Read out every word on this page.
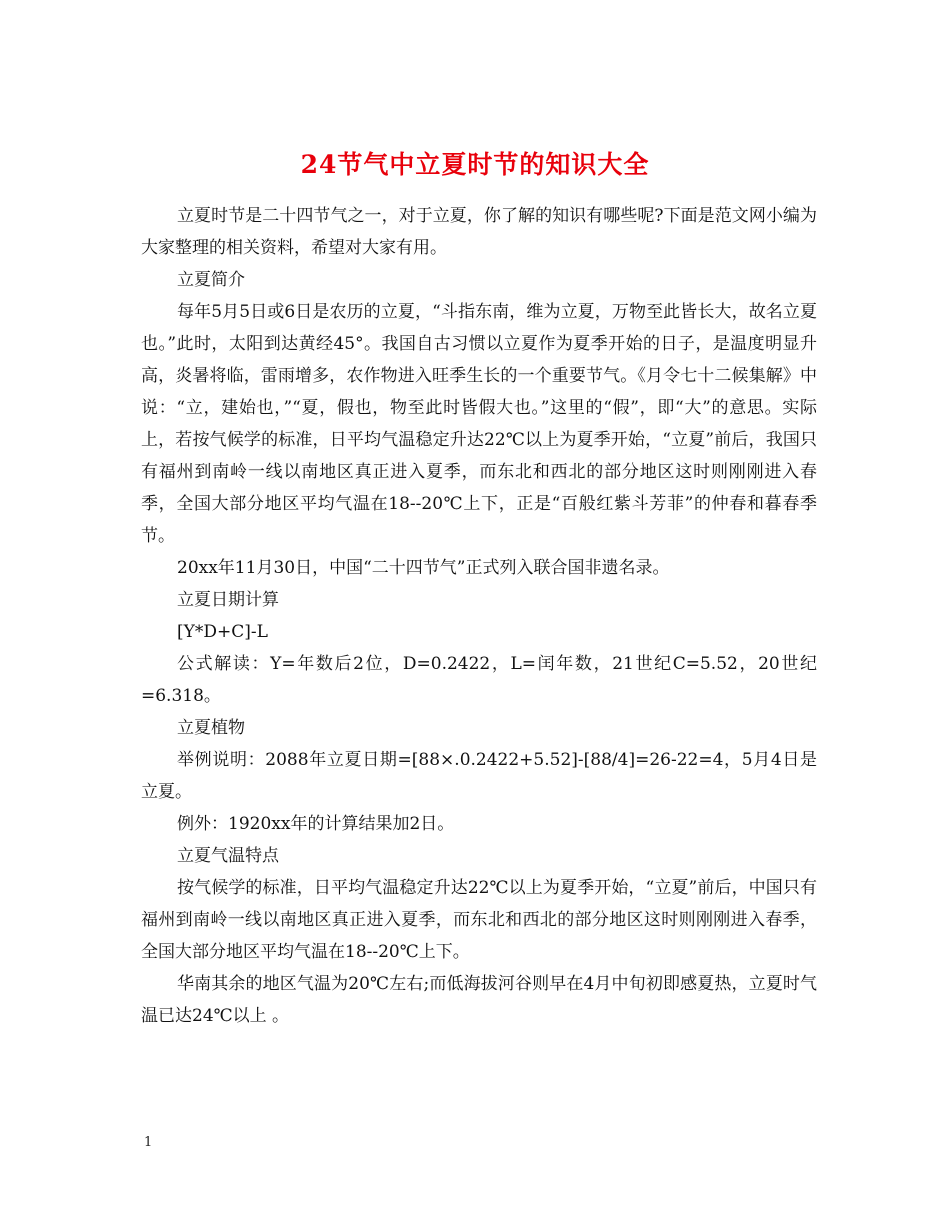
24节气中立夏时节的知识大全

立夏时节是二十四节气之一，对于立夏，你了解的知识有哪些呢?下面是范文网小编为大家整理的相关资料，希望对大家有用。

立夏简介

每年5月5日或6日是农历的立夏，“斗指东南，维为立夏，万物至此皆长大，故名立夏也。”此时，太阳到达黄经45°。我国自古习惯以立夏作为夏季开始的日子，是温度明显升高，炎暑将临，雷雨增多，农作物进入旺季生长的一个重要节气。《月令七十二候集解》中说：“立，建始也，”“夏，假也，物至此时皆假大也。”这里的“假”，即“大”的意思。实际上，若按气候学的标准，日平均气温稳定升达22℃以上为夏季开始，“立夏”前后，我国只有福州到南岭一线以南地区真正进入夏季，而东北和西北的部分地区这时则刚刚进入春季，全国大部分地区平均气温在18--20℃上下，正是“百般红紫斗芳菲”的仲春和暮春季节。

20xx年11月30日，中国“二十四节气”正式列入联合国非遗名录。

立夏日期计算

[Y*D+C]-L

公式解读：Y=年数后2位，D=0.2422，L=闰年数，21世纪C=5.52，20世纪=6.318。

立夏植物

举例说明：2088年立夏日期=[88×.0.2422+5.52]-[88/4]=26-22=4，5月4日是立夏。

例外：1920xx年的计算结果加2日。

立夏气温特点

按气候学的标准，日平均气温稳定升达22℃以上为夏季开始，“立夏”前后，中国只有福州到南岭一线以南地区真正进入夏季，而东北和西北的部分地区这时则刚刚进入春季，全国大部分地区平均气温在18--20℃上下。

华南其余的地区气温为20℃左右;而低海拔河谷则早在4月中旬初即感夏热，立夏时气温已达24℃以上 。

1
